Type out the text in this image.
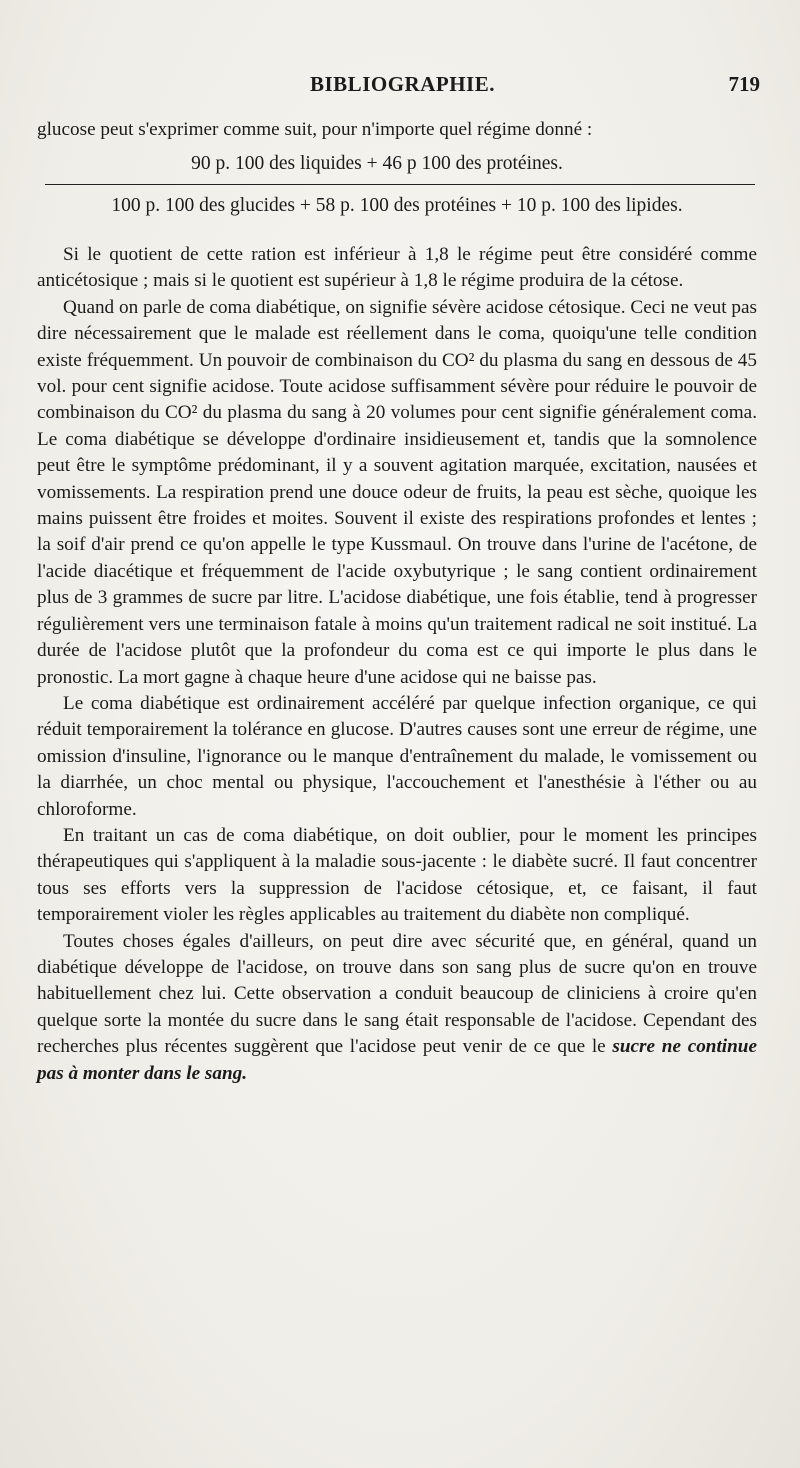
BIBLIOGRAPHIE.	719
glucose peut s'exprimer comme suit, pour n'importe quel régime donné :
90 p. 100 des liquides + 46 p 100 des protéines.
100 p. 100 des glucides + 58 p. 100 des protéines + 10 p. 100 des lipides.

Si le quotient de cette ration est inférieur à 1,8 le régime peut être considéré comme anticétosique ; mais si le quotient est supérieur à 1,8 le régime produira de la cétose.

Quand on parle de coma diabétique, on signifie sévère acidose cétosique. Ceci ne veut pas dire nécessairement que le malade est réellement dans le coma, quoiqu'une telle condition existe fréquemment. Un pouvoir de combinaison du CO² du plasma du sang en dessous de 45 vol. pour cent signifie acidose. Toute acidose suffisamment sévère pour réduire le pouvoir de combinaison du CO² du plasma du sang à 20 volumes pour cent signifie généralement coma. Le coma diabétique se développe d'ordinaire insidieusement et, tandis que la somnolence peut être le symptôme prédominant, il y a souvent agitation marquée, excitation, nausées et vomissements. La respiration prend une douce odeur de fruits, la peau est sèche, quoique les mains puissent être froides et moites. Souvent il existe des respirations profondes et lentes ; la soif d'air prend ce qu'on appelle le type Kussmaul. On trouve dans l'urine de l'acétone, de l'acide diacétique et fréquemment de l'acide oxybutyrique ; le sang contient ordinairement plus de 3 grammes de sucre par litre. L'acidose diabétique, une fois établie, tend à progresser régulièrement vers une terminaison fatale à moins qu'un traitement radical ne soit institué. La durée de l'acidose plutôt que la profondeur du coma est ce qui importe le plus dans le pronostic. La mort gagne à chaque heure d'une acidose qui ne baisse pas.

Le coma diabétique est ordinairement accéléré par quelque infection organique, ce qui réduit temporairement la tolérance en glucose. D'autres causes sont une erreur de régime, une omission d'insuline, l'ignorance ou le manque d'entraînement du malade, le vomissement ou la diarrhée, un choc mental ou physique, l'accouchement et l'anesthésie à l'éther ou au chloroforme.

En traitant un cas de coma diabétique, on doit oublier, pour le moment les principes thérapeutiques qui s'appliquent à la maladie sous-jacente : le diabète sucré. Il faut concentrer tous ses efforts vers la suppression de l'acidose cétosique, et, ce faisant, il faut temporairement violer les règles applicables au traitement du diabète non compliqué.

Toutes choses égales d'ailleurs, on peut dire avec sécurité que, en général, quand un diabétique développe de l'acidose, on trouve dans son sang plus de sucre qu'on en trouve habituellement chez lui. Cette observation a conduit beaucoup de cliniciens à croire qu'en quelque sorte la montée du sucre dans le sang était responsable de l'acidose. Cependant des recherches plus récentes suggèrent que l'acidose peut venir de ce que le sucre ne continue pas à monter dans le sang.
